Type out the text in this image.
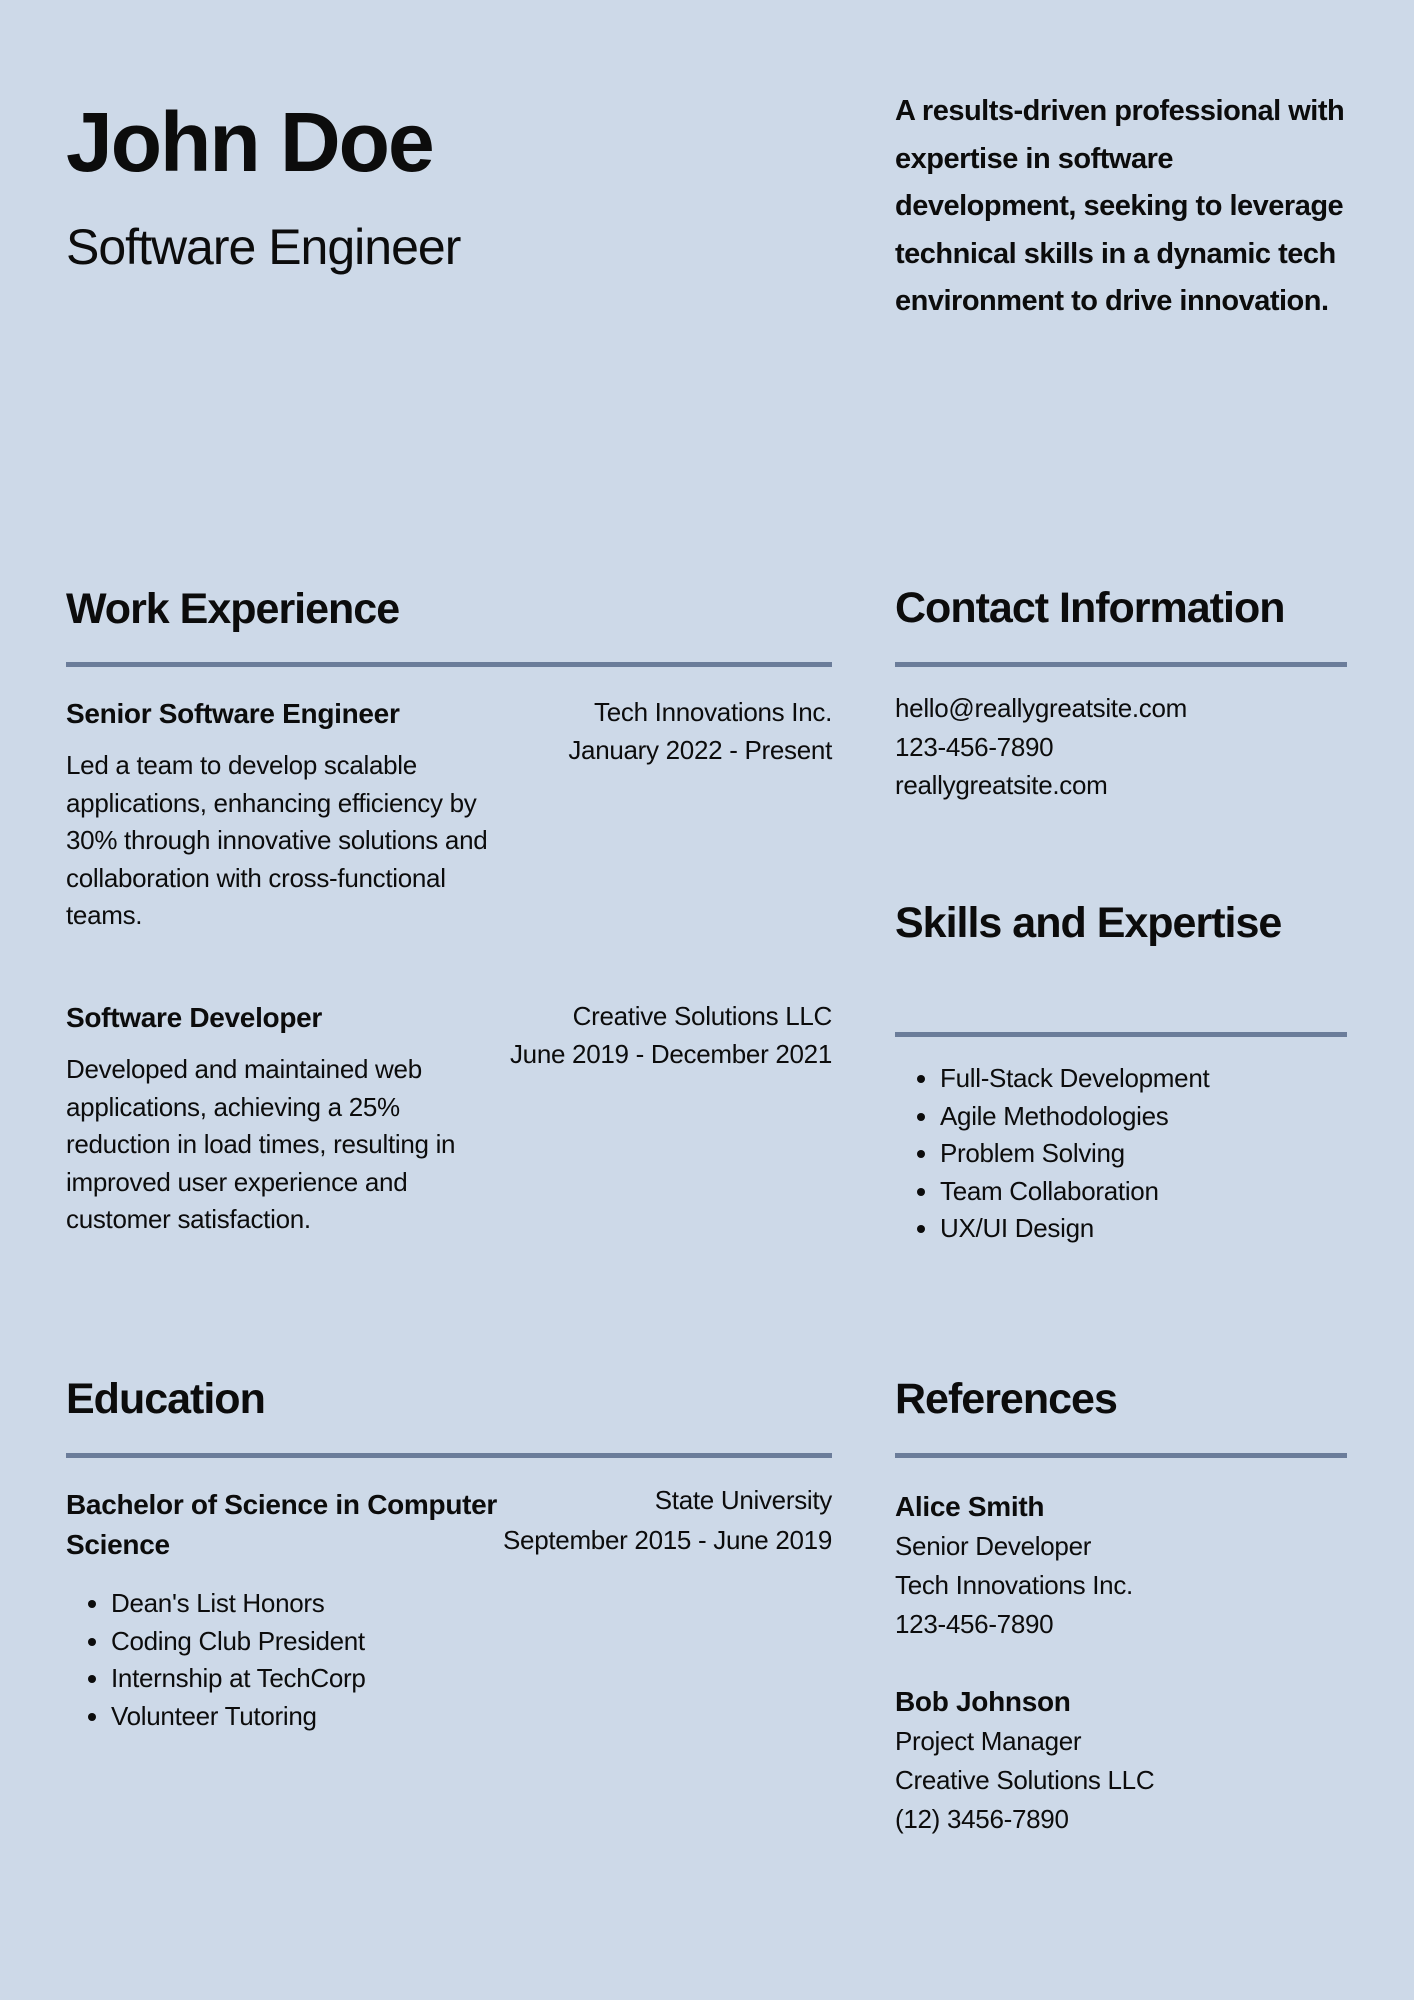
John Doe
Software Engineer
A results-driven professional with expertise in software development, seeking to leverage technical skills in a dynamic tech environment to drive innovation.
Work Experience
Senior Software Engineer	Tech Innovations Inc.
January 2022 - Present
Led a team to develop scalable applications, enhancing efficiency by 30% through innovative solutions and collaboration with cross-functional teams.
Software Developer	Creative Solutions LLC
June 2019 - December 2021
Developed and maintained web applications, achieving a 25% reduction in load times, resulting in improved user experience and customer satisfaction.
Contact Information
hello@reallygreatsite.com
123-456-7890
reallygreatsite.com
Skills and Expertise
• Full-Stack Development
• Agile Methodologies
• Problem Solving
• Team Collaboration
• UX/UI Design
Education
Bachelor of Science in Computer Science
State University
September 2015 - June 2019
• Dean's List Honors
• Coding Club President
• Internship at TechCorp
• Volunteer Tutoring
References
Alice Smith
Senior Developer
Tech Innovations Inc.
123-456-7890
Bob Johnson
Project Manager
Creative Solutions LLC
(12) 3456-7890
